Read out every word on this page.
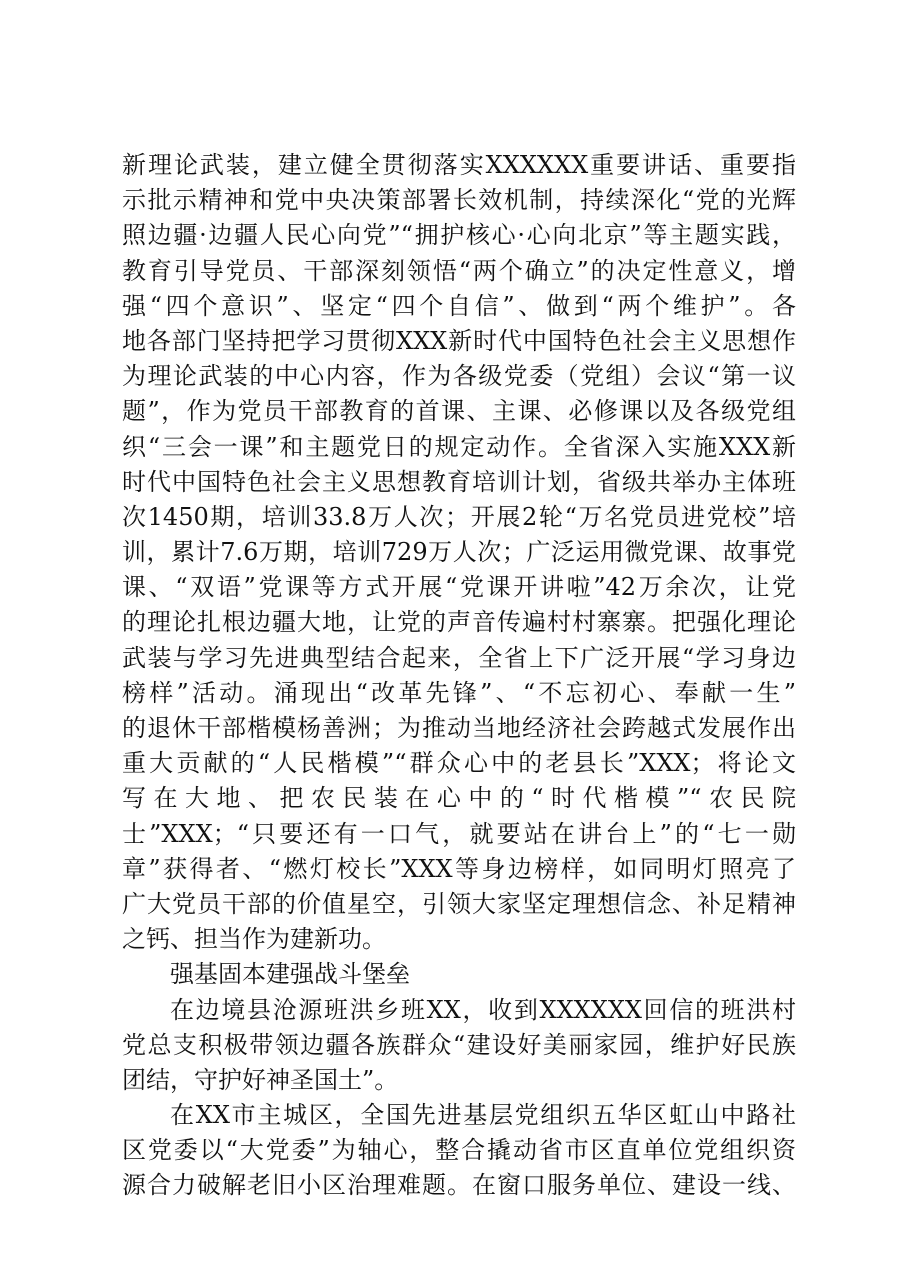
新理论武装，建立健全贯彻落实XXXXXX重要讲话、重要指
示批示精神和党中央决策部署长效机制，持续深化“党的光辉
照边疆·边疆人民心向党”“拥护核心·心向北京”等主题实践，
教育引导党员、干部深刻领悟“两个确立”的决定性意义，增
强“四个意识”、坚定“四个自信”、做到“两个维护”。各
地各部门坚持把学习贯彻XXX新时代中国特色社会主义思想作
为理论武装的中心内容，作为各级党委（党组）会议“第一议
题”，作为党员干部教育的首课、主课、必修课以及各级党组
织“三会一课”和主题党日的规定动作。全省深入实施XXX新
时代中国特色社会主义思想教育培训计划，省级共举办主体班
次1450期，培训33.8万人次；开展2轮“万名党员进党校”培
训，累计7.6万期，培训729万人次；广泛运用微党课、故事党
课、“双语”党课等方式开展“党课开讲啦”42万余次，让党
的理论扎根边疆大地，让党的声音传遍村村寨寨。把强化理论
武装与学习先进典型结合起来，全省上下广泛开展“学习身边
榜样”活动。涌现出“改革先锋”、“不忘初心、奉献一生”
的退休干部楷模杨善洲；为推动当地经济社会跨越式发展作出
重大贡献的“人民楷模”“群众心中的老县长”XXX；将论文
写在大地、把农民装在心中的“时代楷模”“农民院
士”XXX；“只要还有一口气，就要站在讲台上”的“七一勋
章”获得者、“燃灯校长”XXX等身边榜样，如同明灯照亮了
广大党员干部的价值星空，引领大家坚定理想信念、补足精神
之钙、担当作为建新功。
强基固本建强战斗堡垒
在边境县沧源班洪乡班XX，收到XXXXXX回信的班洪村
党总支积极带领边疆各族群众“建设好美丽家园，维护好民族
团结，守护好神圣国土”。
在XX市主城区，全国先进基层党组织五华区虹山中路社
区党委以“大党委”为轴心，整合撬动省市区直单位党组织资
源合力破解老旧小区治理难题。在窗口服务单位、建设一线、
